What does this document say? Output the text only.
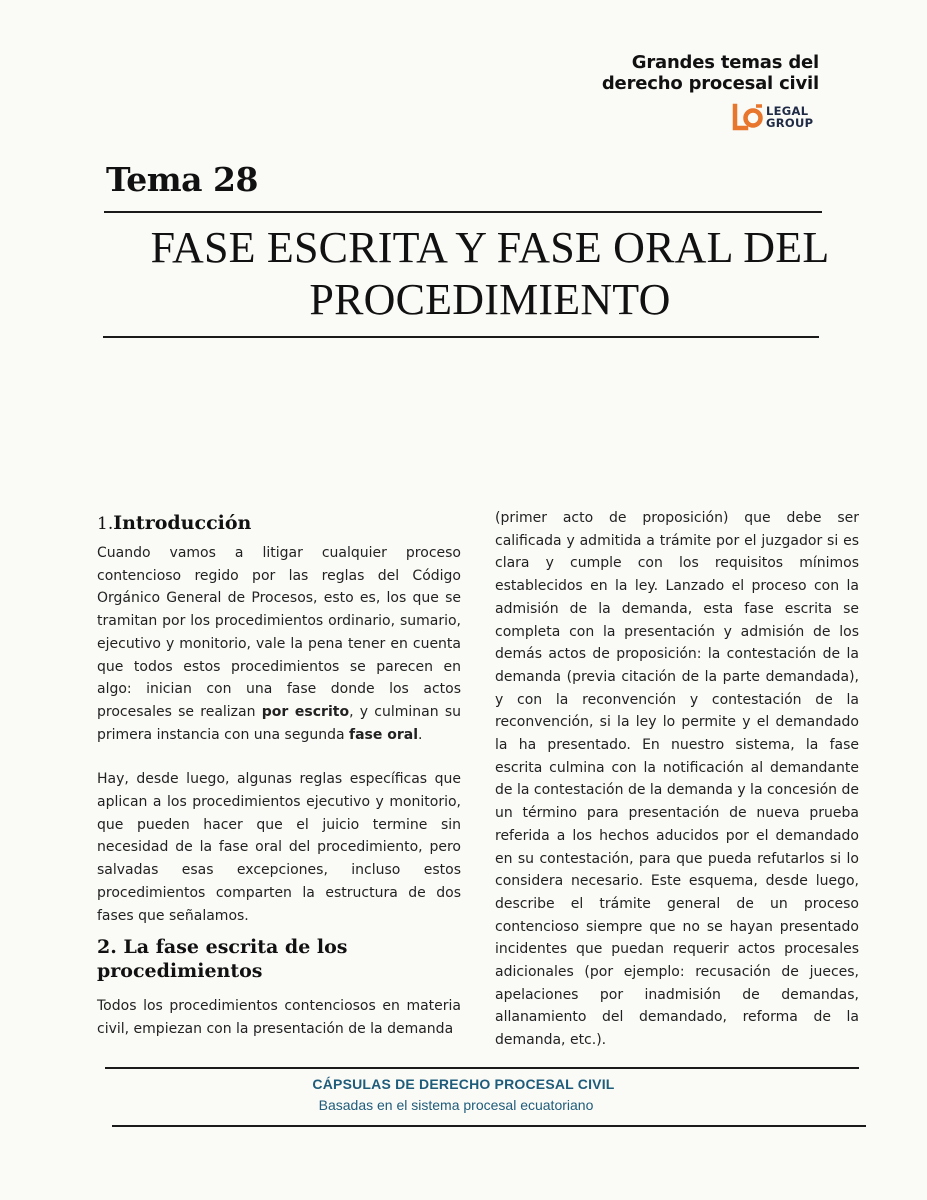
Grandes temas del
derecho procesal civil
LEGAL
GROUP
Tema 28
FASE ESCRITA Y FASE ORAL DEL
PROCEDIMIENTO
1.Introducción

Cuando vamos a litigar cualquier proceso contencioso regido por las reglas del Código Orgánico General de Procesos, esto es, los que se tramitan por los procedimientos ordinario, sumario, ejecutivo y monitorio, vale la pena tener en cuenta que todos estos procedimientos se parecen en algo: inician con una fase donde los actos procesales se realizan por escrito, y culminan su primera instancia con una segunda fase oral.

Hay, desde luego, algunas reglas específicas que aplican a los procedimientos ejecutivo y monitorio, que pueden hacer que el juicio termine sin necesidad de la fase oral del procedimiento, pero salvadas esas excepciones, incluso estos procedimientos comparten la estructura de dos fases que señalamos.

2. La fase escrita de los procedimientos

Todos los procedimientos contenciosos en materia civil, empiezan con la presentación de la demanda

(primer acto de proposición) que debe ser calificada y admitida a trámite por el juzgador si es clara y cumple con los requisitos mínimos establecidos en la ley. Lanzado el proceso con la admisión de la demanda, esta fase escrita se completa con la presentación y admisión de los demás actos de proposición: la contestación de la demanda (previa citación de la parte demandada), y con la reconvención y contestación de la reconvención, si la ley lo permite y el demandado la ha presentado. En nuestro sistema, la fase escrita culmina con la notificación al demandante de la contestación de la demanda y la concesión de un término para presentación de nueva prueba referida a los hechos aducidos por el demandado en su contestación, para que pueda refutarlos si lo considera necesario. Este esquema, desde luego, describe el trámite general de un proceso contencioso siempre que no se hayan presentado incidentes que puedan requerir actos procesales adicionales (por ejemplo: recusación de jueces, apelaciones por inadmisión de demandas, allanamiento del demandado, reforma de la demanda, etc.).

CÁPSULAS DE DERECHO PROCESAL CIVIL
Basadas en el sistema procesal ecuatoriano
